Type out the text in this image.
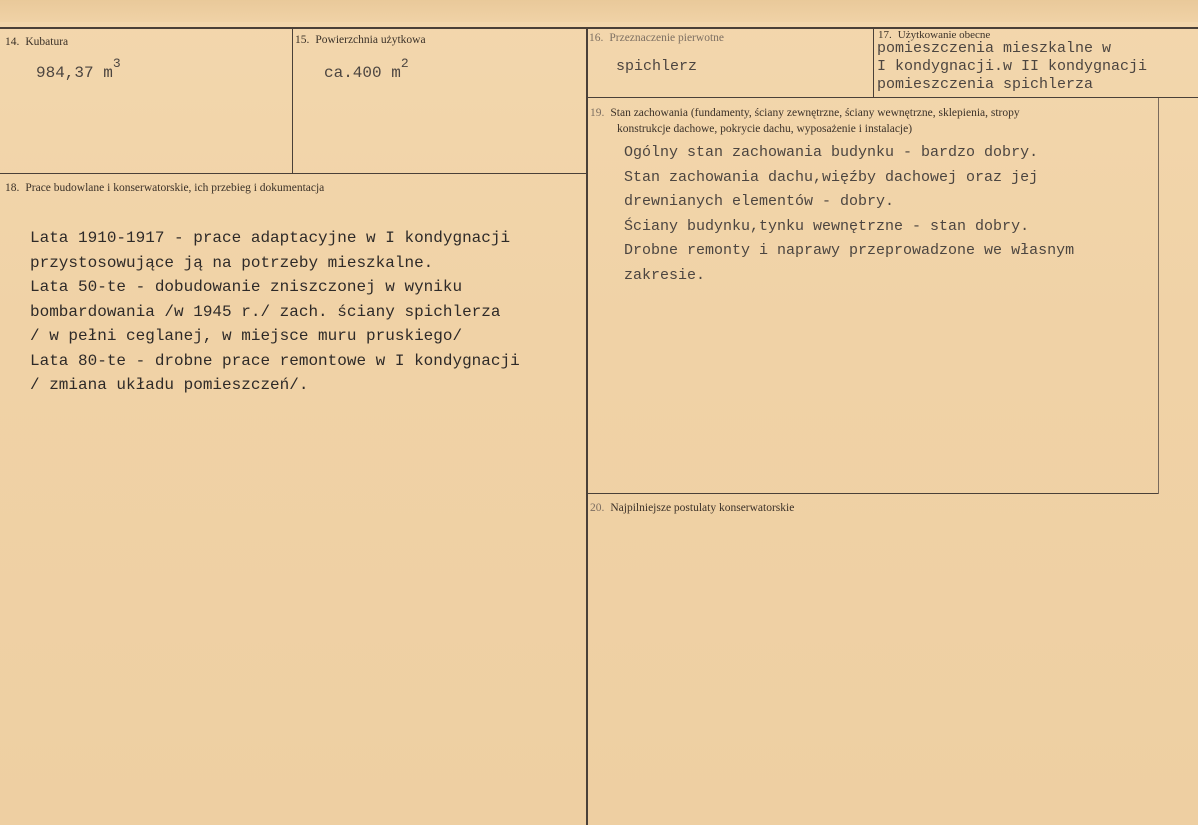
14. Kubatura
984,37 $m^3$
15. Powierzchnia użytkowa
ca.400 $m^2$
16. Przeznaczenie pierwotne
spichlerz
17. Użytkowanie obecne
pomieszczenia mieszkalne w
I kondygnacji.w II kondygnacji
pomieszczenia spichlerza
18. Prace budowlane i konserwatorskie, ich przebieg i dokumentacja
Lata 1910-1917 - prace adaptacyjne w I kondygnacji
przystosowujące ją na potrzeby mieszkalne.
Lata 50-te - dobudowanie zniszczonej w wyniku
bombardowania /w 1945 r./ zach. ściany spichlerza
/ w pełni ceglanej, w miejsce muru pruskiego/
Lata 80-te - drobne prace remontowe w I kondygnacji
/ zmiana układu pomieszczeń/.
19. Stan zachowania (fundamenty, ściany zewnętrzne, ściany wewnętrzne, sklepienia, stropy
konstrukcje dachowe, pokrycie dachu, wyposażenie i instalacje)
Ogólny stan zachowania budynku - bardzo dobry.
Stan zachowania dachu,więźby dachowej oraz jej
drewnianych elementów - dobry.
Ściany budynku,tynku wewnętrzne - stan dobry.
Drobne remonty i naprawy przeprowadzone we własnym
zakresie.
20. Najpilniejsze postulaty konserwatorskie
